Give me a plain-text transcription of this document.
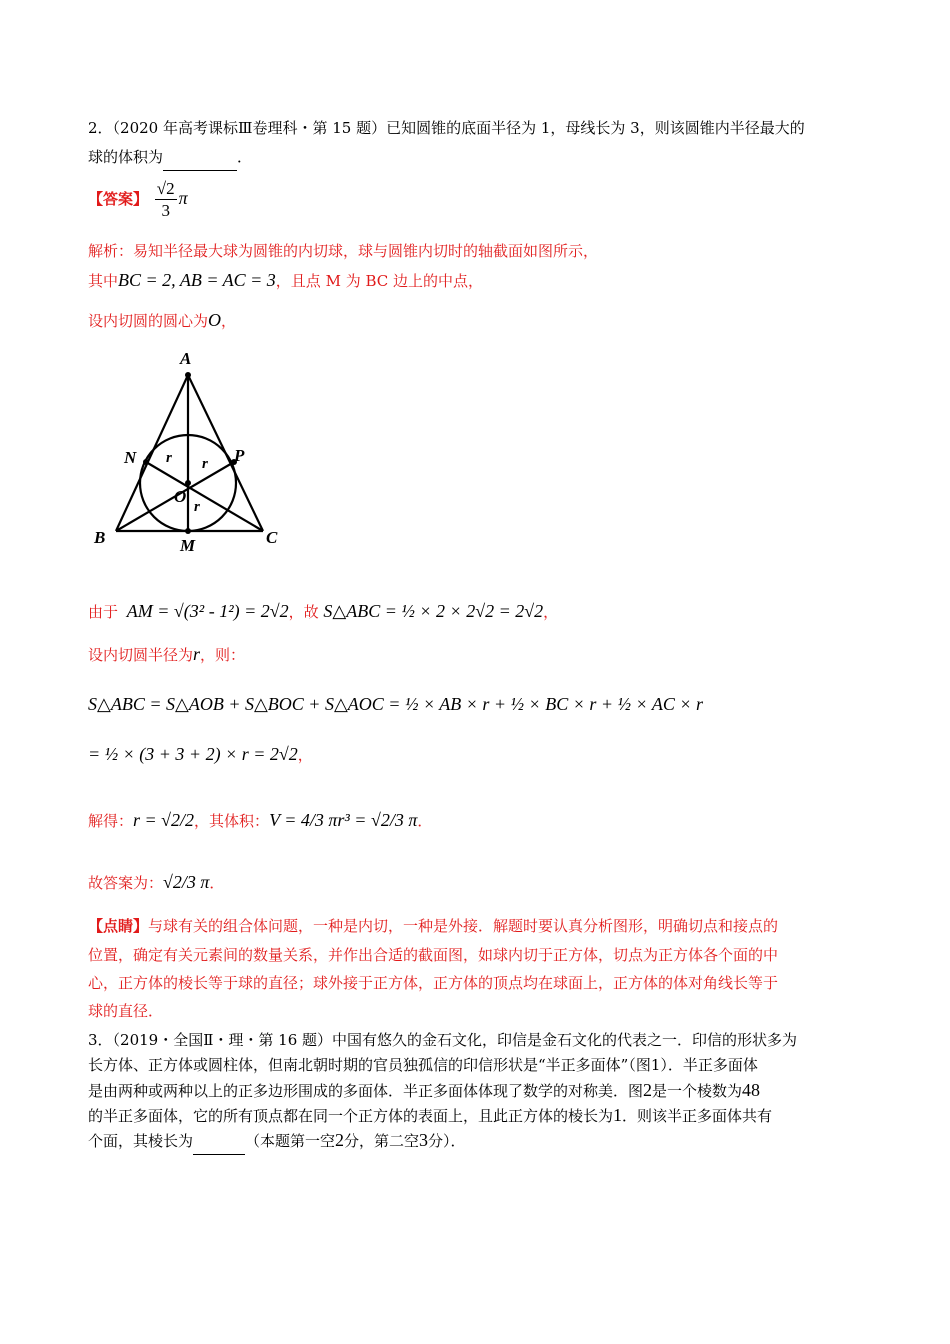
2．（2020 年高考课标Ⅲ卷理科・第 15 题）已知圆锥的底面半径为 1，母线长为 3，则该圆锥内半径最大的
球的体积为	．
【答案】 $\frac{√2}{3}$ π
解析：易知半径最大球为圆锥的内切球，球与圆锥内切时的轴截面如图所示，
其中BC = 2, AB = AC = 3，且点 M 为 BC 边上的中点，
设内切圆的圆心为O，
A
N	P
O
B	M	C
r r
r
由于 AM = √(3² - 1²) = 2√2，故 S△ABC = ½ × 2 × 2√2 = 2√2，
设内切圆半径为r，则：
S△ABC = S△AOB + S△BOC + S△AOC = ½ × AB × r + ½ × BC × r + ½ × AC × r
= ½ × (3 + 3 + 2) × r = 2√2，
解得：r = √2/2，其体积：V = 4/3 πr³ = √2/3 π．
故答案为：√2/3 π．
【点睛】与球有关的组合体问题，一种是内切，一种是外接．解题时要认真分析图形，明确切点和接点的
位置，确定有关元素间的数量关系，并作出合适的截面图，如球内切于正方体，切点为正方体各个面的中
心，正方体的棱长等于球的直径；球外接于正方体，正方体的顶点均在球面上，正方体的体对角线长等于
球的直径．
3．（2019・全国Ⅱ・理・第 16 题）中国有悠久的金石文化，印信是金石文化的代表之一．印信的形状多为
长方体、正方体或圆柱体，但南北朝时期的官员独孤信的印信形状是“半正多面体”（图1）．半正多面体
是由两种或两种以上的正多边形围成的多面体．半正多面体体现了数学的对称美．图2是一个棱数为48
的半正多面体，它的所有顶点都在同一个正方体的表面上，且此正方体的棱长为1．则该半正多面体共有
个面，其棱长为	（本题第一空2分，第二空3分）．
